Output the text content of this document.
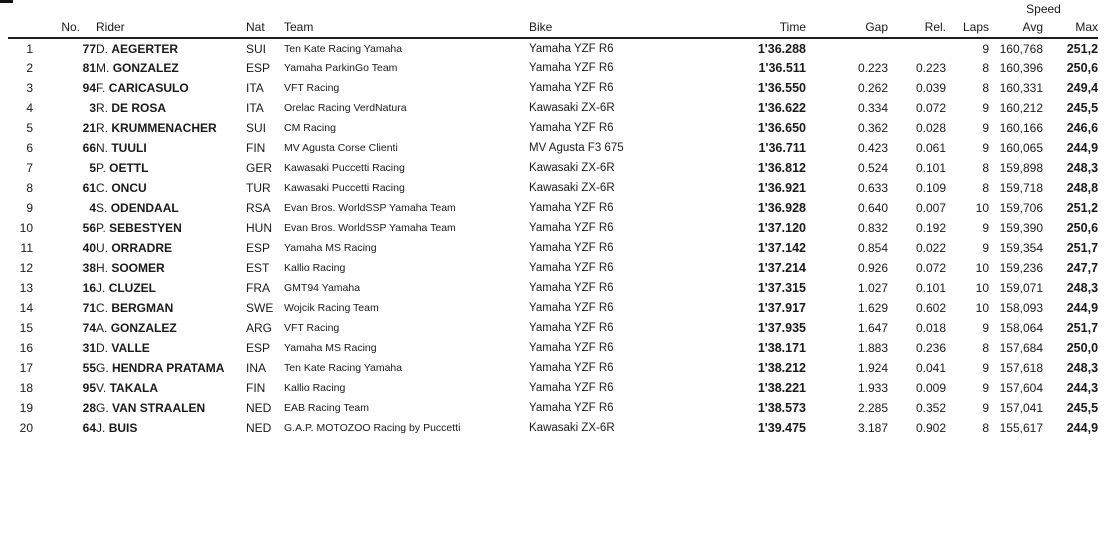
										Speed	
	No.	Rider	Nat	Team	Bike	Time	Gap	Rel.	Laps	Avg	Max
1	77	D. AEGERTER	SUI	Ten Kate Racing Yamaha	Yamaha YZF R6	1'36.288			9	160,768	251,2
2	81	M. GONZALEZ	ESP	Yamaha ParkinGo Team	Yamaha YZF R6	1'36.511	0.223	0.223	8	160,396	250,6
3	94	F. CARICASULO	ITA	VFT Racing	Yamaha YZF R6	1'36.550	0.262	0.039	8	160,331	249,4
4	3	R. DE ROSA	ITA	Orelac Racing VerdNatura	Kawasaki ZX-6R	1'36.622	0.334	0.072	9	160,212	245,5
5	21	R. KRUMMENACHER	SUI	CM Racing	Yamaha YZF R6	1'36.650	0.362	0.028	9	160,166	246,6
6	66	N. TUULI	FIN	MV Agusta Corse Clienti	MV Agusta F3 675	1'36.711	0.423	0.061	9	160,065	244,9
7	5	P. OETTL	GER	Kawasaki Puccetti Racing	Kawasaki ZX-6R	1'36.812	0.524	0.101	8	159,898	248,3
8	61	C. ONCU	TUR	Kawasaki Puccetti Racing	Kawasaki ZX-6R	1'36.921	0.633	0.109	8	159,718	248,8
9	4	S. ODENDAAL	RSA	Evan Bros. WorldSSP Yamaha Team	Yamaha YZF R6	1'36.928	0.640	0.007	10	159,706	251,2
10	56	P. SEBESTYEN	HUN	Evan Bros. WorldSSP Yamaha Team	Yamaha YZF R6	1'37.120	0.832	0.192	9	159,390	250,6
11	40	U. ORRADRE	ESP	Yamaha MS Racing	Yamaha YZF R6	1'37.142	0.854	0.022	9	159,354	251,7
12	38	H. SOOMER	EST	Kallio Racing	Yamaha YZF R6	1'37.214	0.926	0.072	10	159,236	247,7
13	16	J. CLUZEL	FRA	GMT94 Yamaha	Yamaha YZF R6	1'37.315	1.027	0.101	10	159,071	248,3
14	71	C. BERGMAN	SWE	Wojcik Racing Team	Yamaha YZF R6	1'37.917	1.629	0.602	10	158,093	244,9
15	74	A. GONZALEZ	ARG	VFT Racing	Yamaha YZF R6	1'37.935	1.647	0.018	9	158,064	251,7
16	31	D. VALLE	ESP	Yamaha MS Racing	Yamaha YZF R6	1'38.171	1.883	0.236	8	157,684	250,0
17	55	G. HENDRA PRATAMA	INA	Ten Kate Racing Yamaha	Yamaha YZF R6	1'38.212	1.924	0.041	9	157,618	248,3
18	95	V. TAKALA	FIN	Kallio Racing	Yamaha YZF R6	1'38.221	1.933	0.009	9	157,604	244,3
19	28	G. VAN STRAALEN	NED	EAB Racing Team	Yamaha YZF R6	1'38.573	2.285	0.352	9	157,041	245,5
20	64	J. BUIS	NED	G.A.P. MOTOZOO Racing by Puccetti	Kawasaki ZX-6R	1'39.475	3.187	0.902	8	155,617	244,9
